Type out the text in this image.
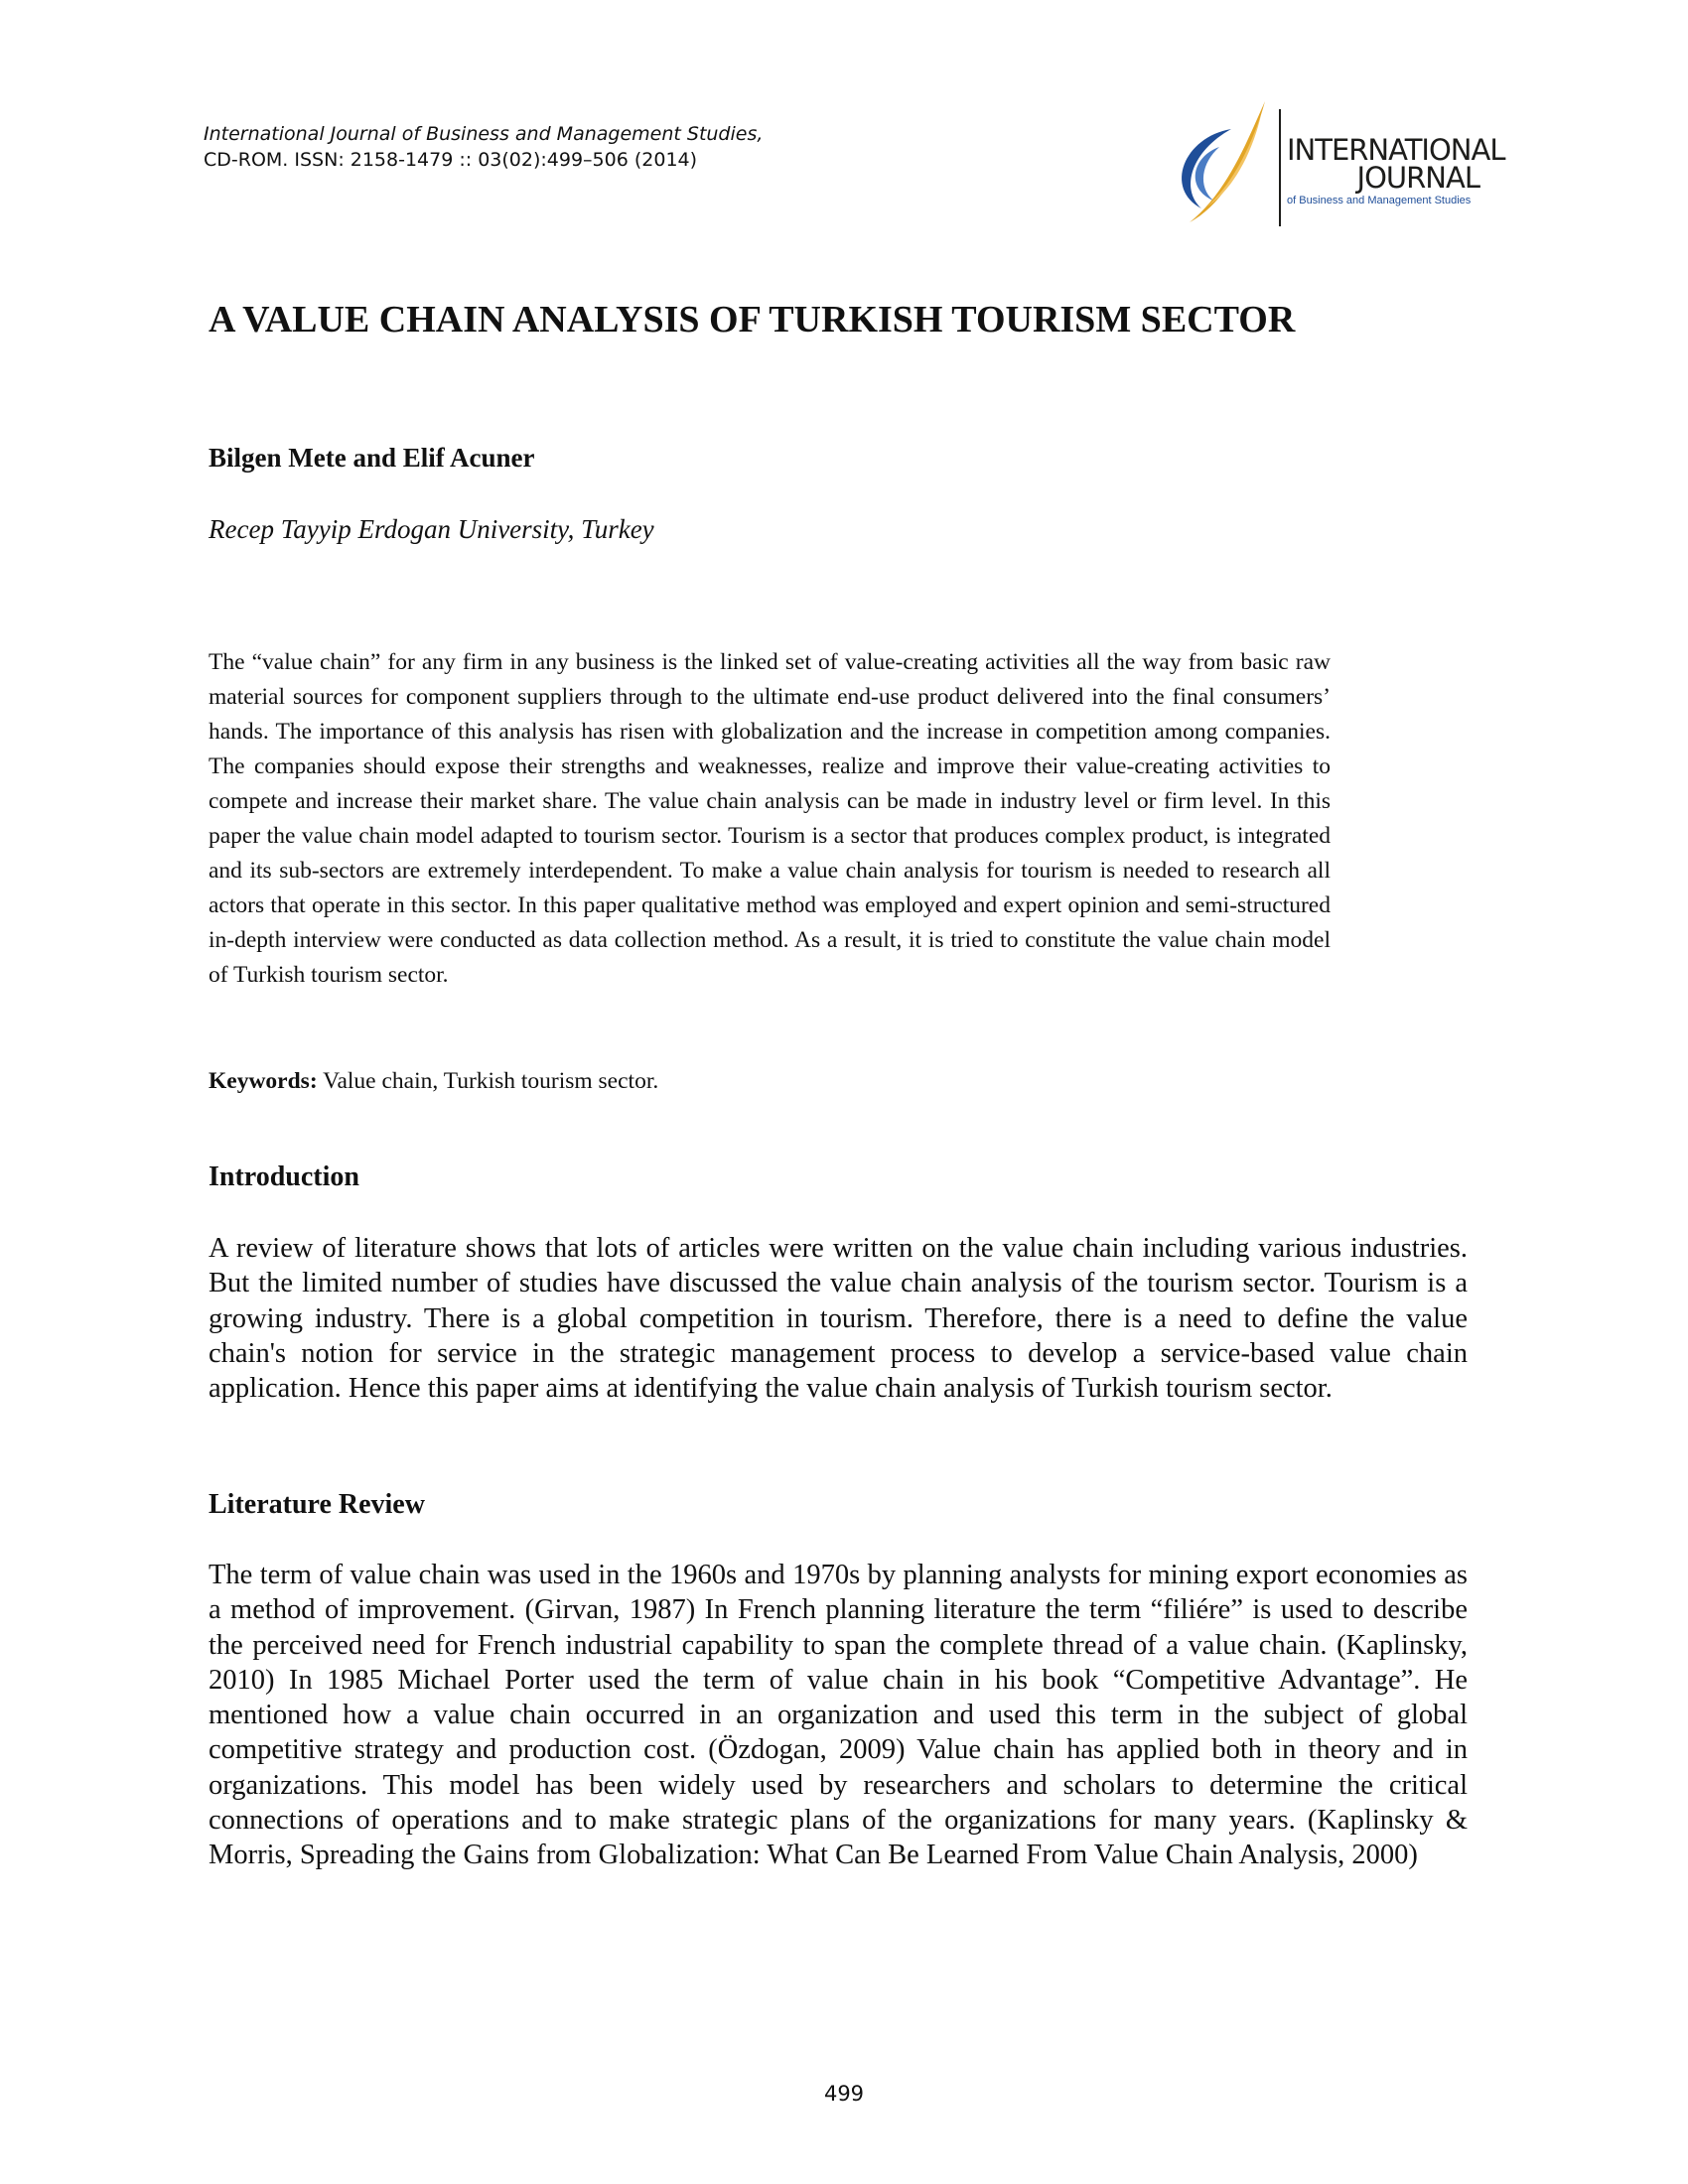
International Journal of Business and Management Studies,
CD-ROM. ISSN: 2158-1479 :: 03(02):499–506 (2014)	INTERNATIONAL
JOURNAL
of Business and Management Studies
A VALUE CHAIN ANALYSIS OF TURKISH TOURISM SECTOR
Bilgen Mete and Elif Acuner
Recep Tayyip Erdogan University, Turkey

The “value chain” for any firm in any business is the linked set of value-creating activities all the way from basic raw material sources for component suppliers through to the ultimate end-use product delivered into the final consumers’ hands. The importance of this analysis has risen with globalization and the increase in competition among companies. The companies should expose their strengths and weaknesses, realize and improve their value-creating activities to compete and increase their market share. The value chain analysis can be made in industry level or firm level. In this paper the value chain model adapted to tourism sector. Tourism is a sector that produces complex product, is integrated and its sub-sectors are extremely interdependent. To make a value chain analysis for tourism is needed to research all actors that operate in this sector. In this paper qualitative method was employed and expert opinion and semi-structured in-depth interview were conducted as data collection method. As a result, it is tried to constitute the value chain model of Turkish tourism sector.

Keywords: Value chain, Turkish tourism sector.

Introduction

A review of literature shows that lots of articles were written on the value chain including various industries. But the limited number of studies have discussed the value chain analysis of the tourism sector. Tourism is a growing industry. There is a global competition in tourism. Therefore, there is a need to define the value chain's notion for service in the strategic management process to develop a service-based value chain application. Hence this paper aims at identifying the value chain analysis of Turkish tourism sector.

Literature Review

The term of value chain was used in the 1960s and 1970s by planning analysts for mining export economies as a method of improvement. (Girvan, 1987) In French planning literature the term “filiére” is used to describe the perceived need for French industrial capability to span the complete thread of a value chain. (Kaplinsky, 2010) In 1985 Michael Porter used the term of value chain in his book “Competitive Advantage”. He mentioned how a value chain occurred in an organization and used this term in the subject of global competitive strategy and production cost. (Özdogan, 2009) Value chain has applied both in theory and in organizations. This model has been widely used by researchers and scholars to determine the critical connections of operations and to make strategic plans of the organizations for many years. (Kaplinsky & Morris, Spreading the Gains from Globalization: What Can Be Learned From Value Chain Analysis, 2000)

499
